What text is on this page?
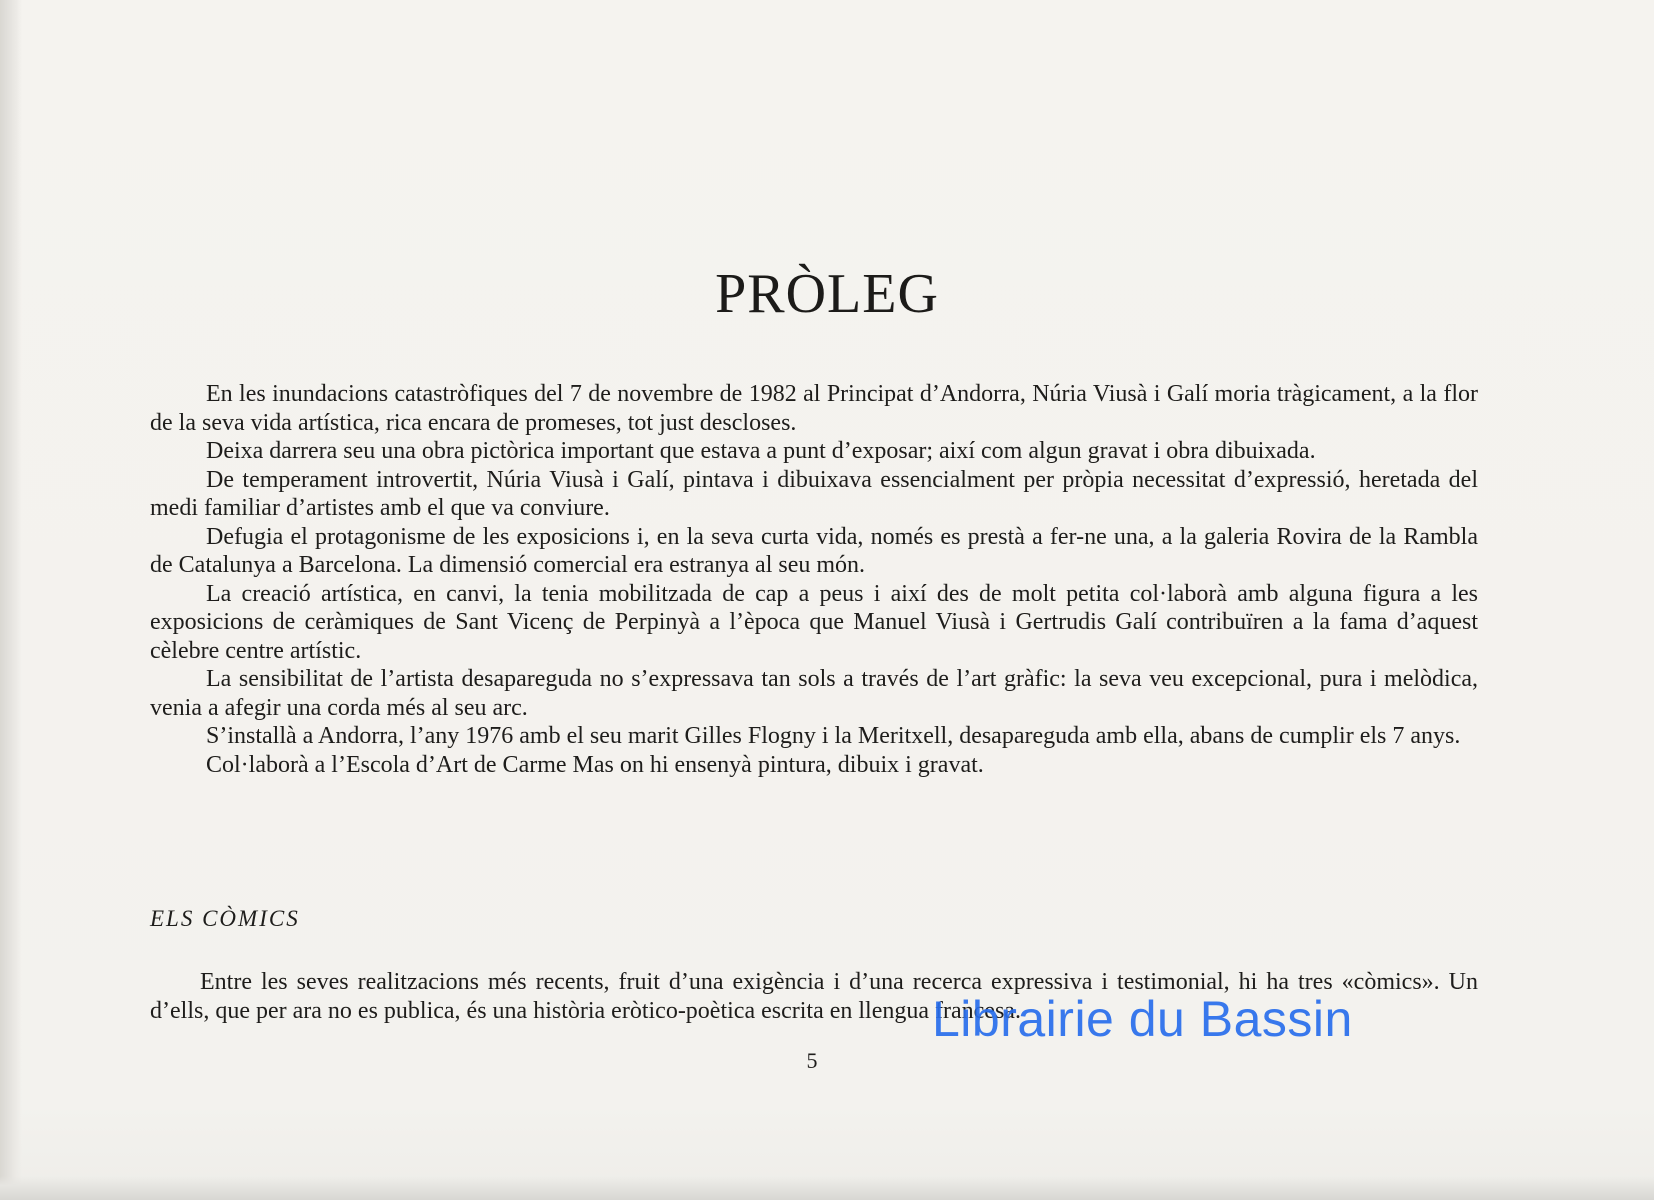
PRÒLEG

En les inundacions catastròfiques del 7 de novembre de 1982 al Principat d’Andorra, Núria Viusà i Galí moria tràgicament, a la flor de la seva vida artística, rica encara de promeses, tot just descloses.

Deixa darrera seu una obra pictòrica important que estava a punt d’exposar; així com algun gravat i obra dibuixada.

De temperament introvertit, Núria Viusà i Galí, pintava i dibuixava essencialment per pròpia necessitat d’expressió, heretada del medi familiar d’artistes amb el que va conviure.

Defugia el protagonisme de les exposicions i, en la seva curta vida, només es prestà a fer-ne una, a la galeria Rovira de la Rambla de Catalunya a Barcelona. La dimensió comercial era estranya al seu món.

La creació artística, en canvi, la tenia mobilitzada de cap a peus i així des de molt petita col·laborà amb alguna figura a les exposicions de ceràmiques de Sant Vicenç de Perpinyà a l’època que Manuel Viusà i Gertrudis Galí contribuïren a la fama d’aquest cèlebre centre artístic.

La sensibilitat de l’artista desapareguda no s’expressava tan sols a través de l’art gràfic: la seva veu excepcional, pura i melòdica, venia a afegir una corda més al seu arc.

S’installà a Andorra, l’any 1976 amb el seu marit Gilles Flogny i la Meritxell, desapareguda amb ella, abans de cumplir els 7 anys.

Col·laborà a l’Escola d’Art de Carme Mas on hi ensenyà pintura, dibuix i gravat.

ELS CÒMICS

Entre les seves realitzacions més recents, fruit d’una exigència i d’una recerca expressiva i testimonial, hi ha tres «còmics». Un d’ells, que per ara no es publica, és una història eròtico-poètica escrita en llengua francesa.

5
Librairie du Bassin
